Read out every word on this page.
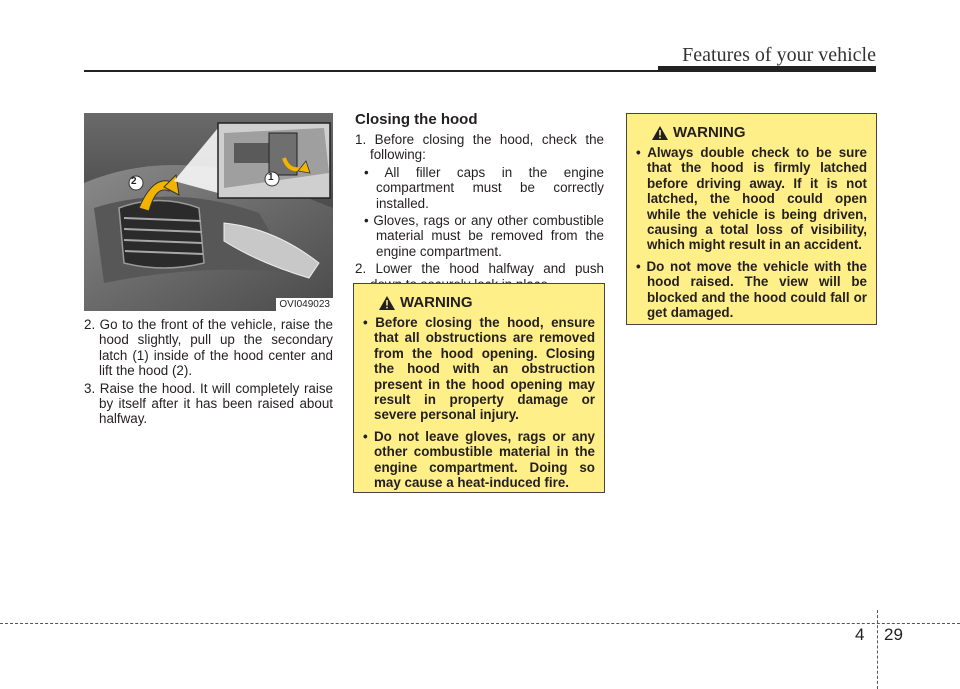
Features of your vehicle
2	1
OVI049023

2. Go to the front of the vehicle, raise the hood slightly, pull up the secondary latch (1) inside of the hood center and lift the hood (2).

3. Raise the hood. It will completely raise by itself after it has been raised about halfway.

Closing the hood

1. Before closing the hood, check the following:

• All filler caps in the engine compartment must be correctly installed.

• Gloves, rags or any other combustible material must be removed from the engine compartment.

2. Lower the hood halfway and push

WARNING

• Before closing the hood, ensure that all obstructions are removed from the hood opening. Closing the hood with an obstruction present in the hood opening may result in property damage or severe personal injury.

• Do not leave gloves, rags or any other combustible material in the engine compartment. Doing so may cause a heat-induced fire.

WARNING

• Always double check to be sure that the hood is firmly latched before driving away. If it is not latched, the hood could open while the vehicle is being driven, causing a total loss of visibility, which might result in an accident.

• Do not move the vehicle with the hood raised. The view will be blocked and the hood could fall or get damaged.

4 29
